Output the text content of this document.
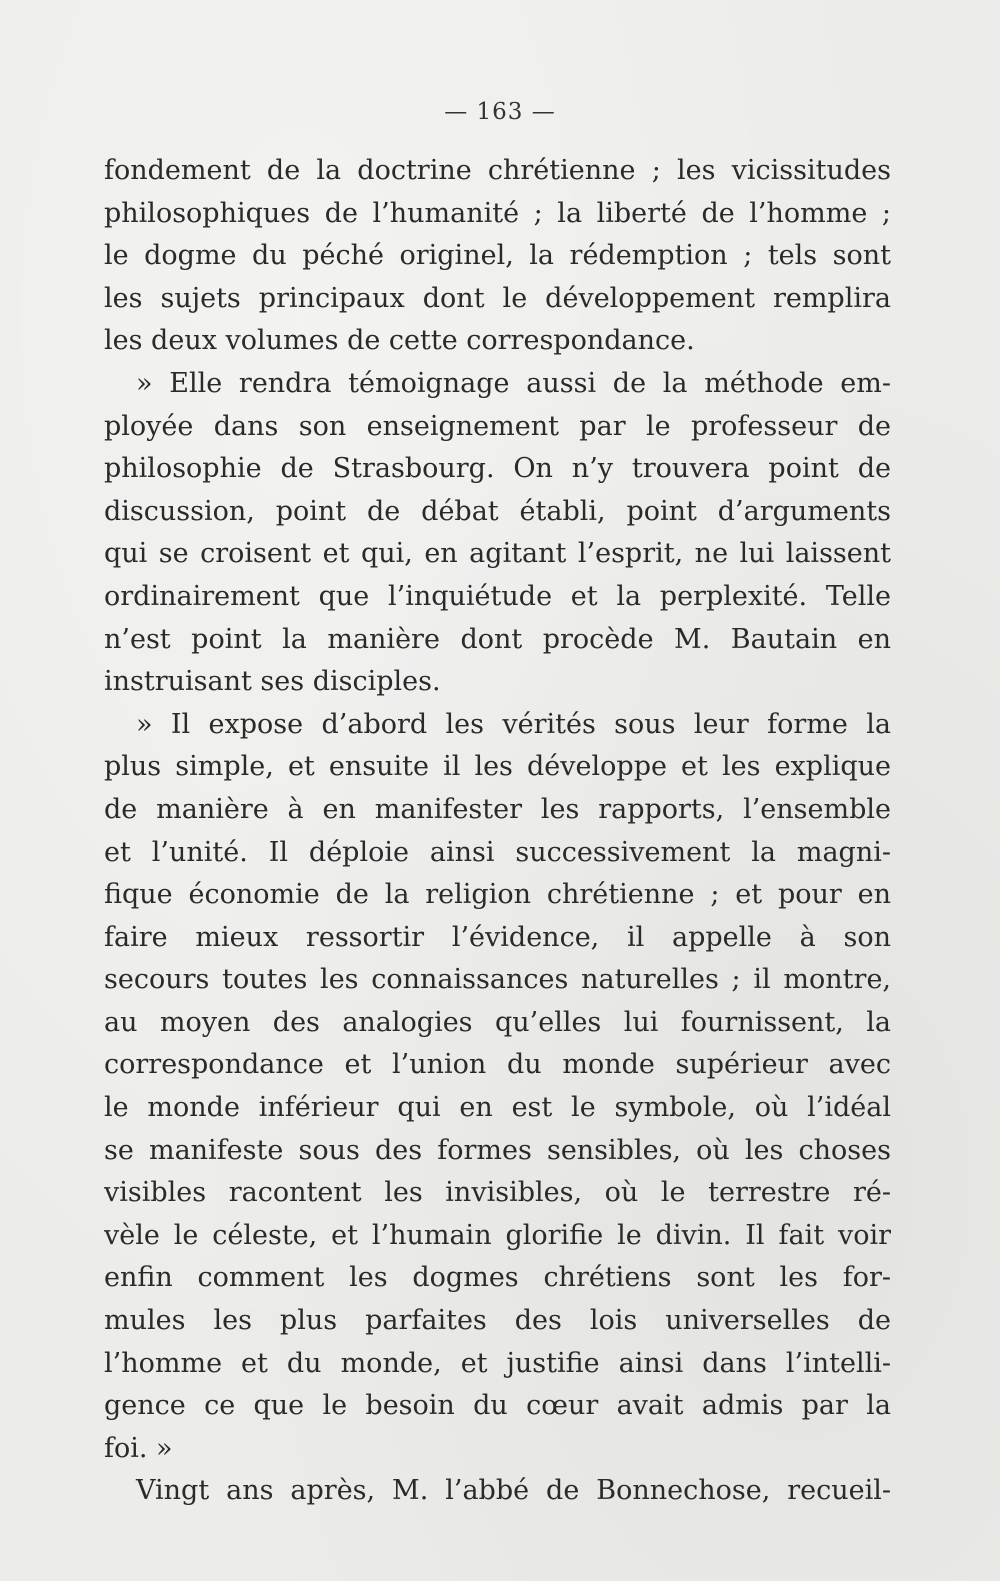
— 163 —
fondement de la doctrine chrétienne ; les vicissitudes
philosophiques de l’humanité ; la liberté de l’homme ;
le dogme du péché originel, la rédemption ; tels sont
les sujets principaux dont le développement remplira
les deux volumes de cette correspondance.
» Elle rendra témoignage aussi de la méthode em-
ployée dans son enseignement par le professeur de
philosophie de Strasbourg. On n’y trouvera point de
discussion, point de débat établi, point d’arguments
qui se croisent et qui, en agitant l’esprit, ne lui laissent
ordinairement que l’inquiétude et la perplexité. Telle
n’est point la manière dont procède M. Bautain en
instruisant ses disciples.
» Il expose d’abord les vérités sous leur forme la
plus simple, et ensuite il les développe et les explique
de manière à en manifester les rapports, l’ensemble
et l’unité. Il déploie ainsi successivement la magni-
fique économie de la religion chrétienne ; et pour en
faire mieux ressortir l’évidence, il appelle à son
secours toutes les connaissances naturelles ; il montre,
au moyen des analogies qu’elles lui fournissent, la
correspondance et l’union du monde supérieur avec
le monde inférieur qui en est le symbole, où l’idéal
se manifeste sous des formes sensibles, où les choses
visibles racontent les invisibles, où le terrestre ré-
vèle le céleste, et l’humain glorifie le divin. Il fait voir
enfin comment les dogmes chrétiens sont les for-
mules les plus parfaites des lois universelles de
l’homme et du monde, et justifie ainsi dans l’intelli-
gence ce que le besoin du cœur avait admis par la
foi. »
Vingt ans après, M. l’abbé de Bonnechose, recueil-
